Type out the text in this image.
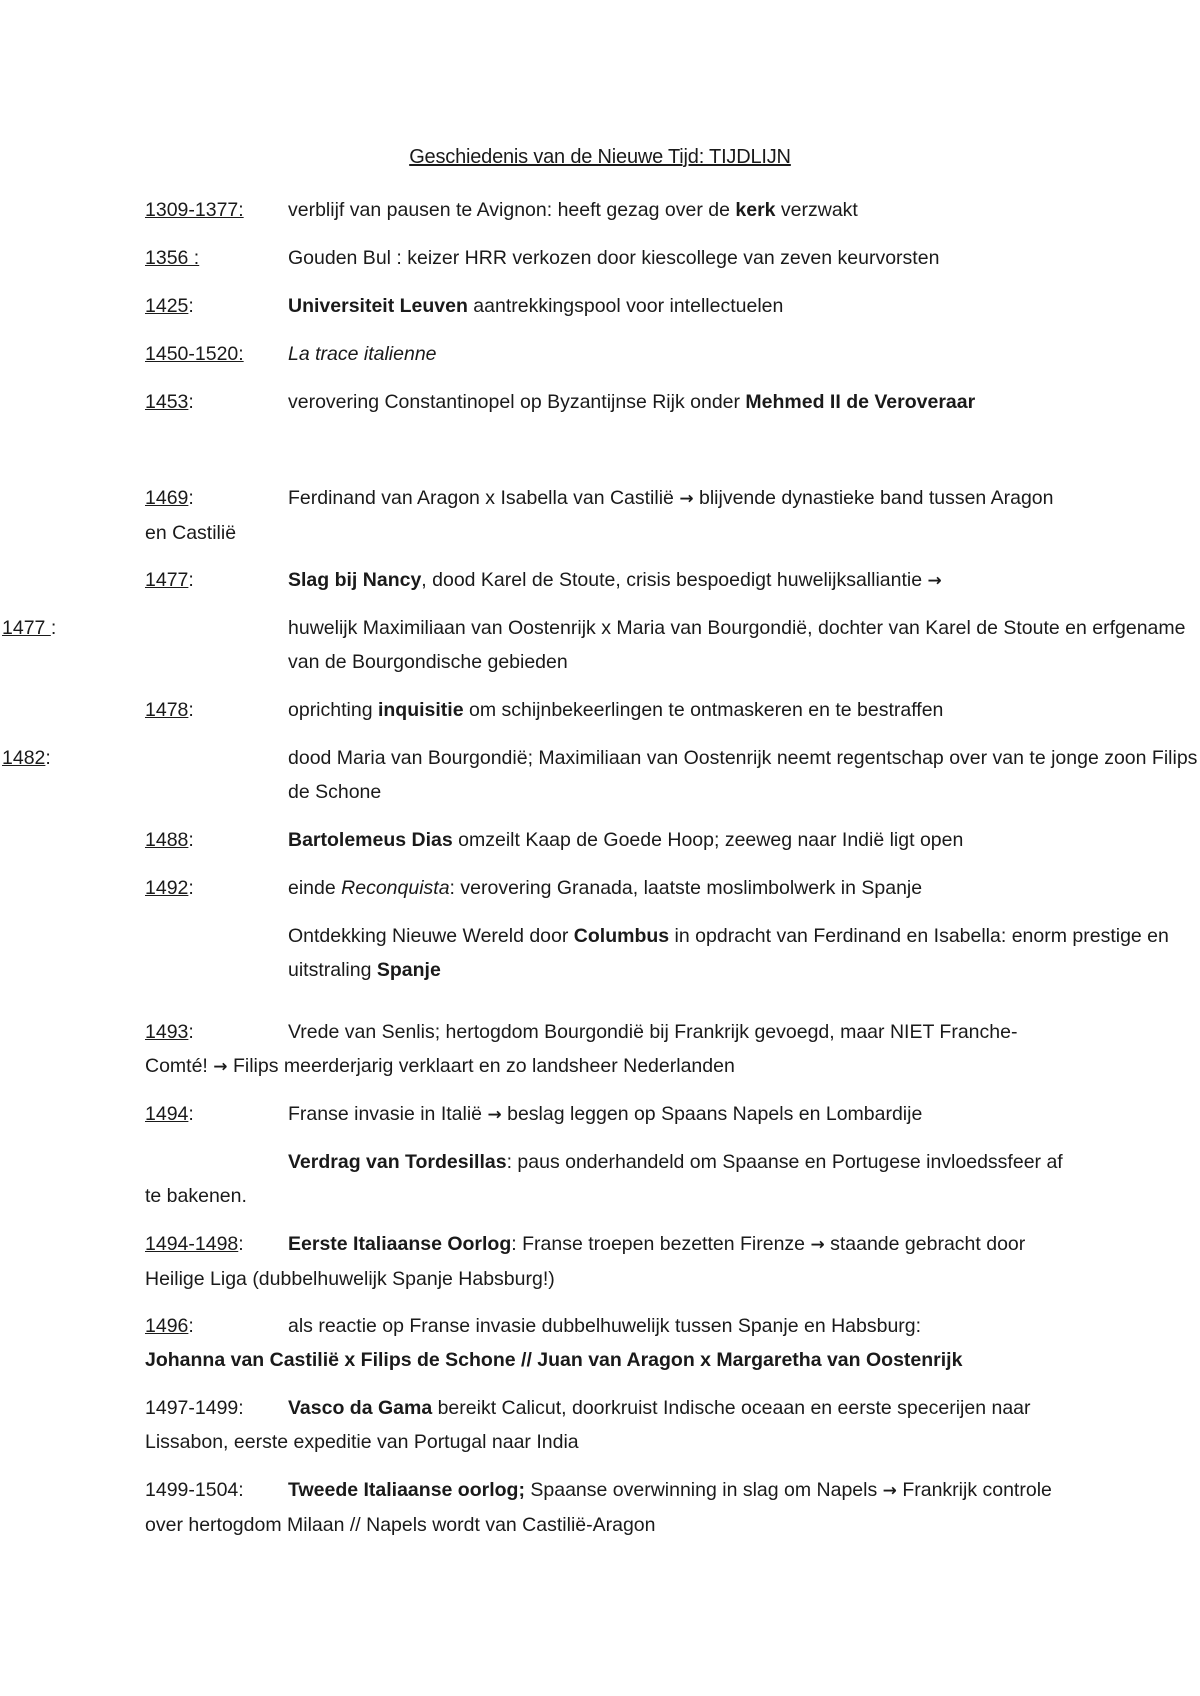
Geschiedenis van de Nieuwe Tijd: TIJDLIJN
1309-1377: verblijf van pausen te Avignon: heeft gezag over de kerk verzwakt
1356 :	Gouden Bul : keizer HRR verkozen door kiescollege van zeven keurvorsten
1425:	Universiteit Leuven aantrekkingspool voor intellectuelen
1450-1520: La trace italienne
1453:	verovering Constantinopel op Byzantijnse Rijk onder Mehmed II de Veroveraar
1469:	Ferdinand van Aragon x Isabella van Castilië → blijvende dynastieke band tussen Aragon en Castilië
1477:	Slag bij Nancy, dood Karel de Stoute, crisis bespoedigt huwelijksalliantie →
1477 :	huwelijk Maximiliaan van Oostenrijk x Maria van Bourgondië, dochter van Karel de Stoute en erfgename van de Bourgondische gebieden
1478:	oprichting inquisitie om schijnbekeerlingen te ontmaskeren en te bestraffen
1482:	dood Maria van Bourgondië; Maximiliaan van Oostenrijk neemt regentschap over van te jonge zoon Filips de Schone
1488:	Bartolemeus Dias omzeilt Kaap de Goede Hoop; zeeweg naar Indië ligt open
1492:	einde Reconquista: verovering Granada, laatste moslimbolwerk in Spanje
Ontdekking Nieuwe Wereld door Columbus in opdracht van Ferdinand en Isabella: enorm prestige en uitstraling Spanje
1493:	Vrede van Senlis; hertogdom Bourgondië bij Frankrijk gevoegd, maar NIET Franche-Comté! → Filips meerderjarig verklaart en zo landsheer Nederlanden
1494:	Franse invasie in Italië → beslag leggen op Spaans Napels en Lombardije
Verdrag van Tordesillas: paus onderhandeld om Spaanse en Portugese invloedssfeer af te bakenen.
1494-1498: Eerste Italiaanse Oorlog: Franse troepen bezetten Firenze → staande gebracht door Heilige Liga (dubbelhuwelijk Spanje Habsburg!)
1496:	als reactie op Franse invasie dubbelhuwelijk tussen Spanje en Habsburg:
Johanna van Castilië x Filips de Schone // Juan van Aragon x Margaretha van Oostenrijk
1497-1499: Vasco da Gama bereikt Calicut, doorkruist Indische oceaan en eerste specerijen naar Lissabon, eerste expeditie van Portugal naar India
1499-1504: Tweede Italiaanse oorlog; Spaanse overwinning in slag om Napels → Frankrijk controle over hertogdom Milaan // Napels wordt van Castilië-Aragon
